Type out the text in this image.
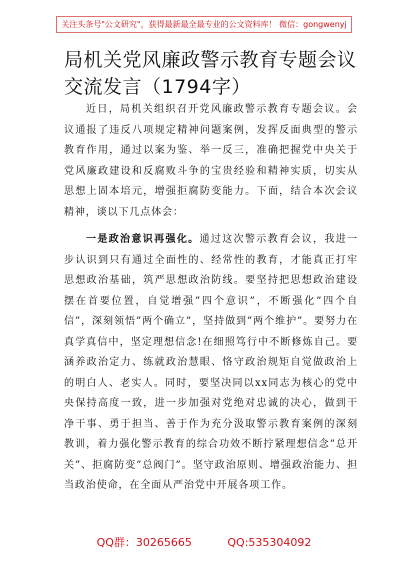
关注头条号"公文研究"，获得最新最全最专业的公文资料库！ 微信：gongwenyj
局机关党风廉政警示教育专题会议交流发言（1794字）

近日，局机关组织召开党风廉政警示教育专题会议。会议通报了违反八项规定精神问题案例，发挥反面典型的警示教育作用，通过以案为鉴、举一反三，准确把握党中央关于党风廉政建设和反腐败斗争的宝贵经验和精神实质，切实从思想上固本培元，增强拒腐防变能力。下面，结合本次会议精神，谈以下几点体会：

一是政治意识再强化。通过这次警示教育会议，我进一步认识到只有通过全面性的、经常性的教育，才能真正打牢思想政治基础，筑严思想政治防线。要坚持把思想政治建设摆在首要位置，自觉增强”四个意识”，不断强化”四个自信”，深刻领悟”两个确立”，坚持做到”两个维护”。要努力在真学真信中，坚定理想信念!在细照笃行中不断修炼自己。要涵养政治定力、练就政治慧眼、恪守政治规矩自觉做政治上的明白人、老实人。同时，要坚决同以xx同志为核心的党中央保持高度一致，进一步加强对党绝对忠诚的决心，做到干净干事、勇于担当、善于作为充分汲取警示教育案例的深刻教训，着力强化警示教育的综合功效不断拧紧理想信念”总开关”、拒腐防变”总阀门”。坚守政治原则、增强政治能力、担当政治使命，在全面从严治党中开展各项工作。

QQ群：30265665	QQ:535304092
